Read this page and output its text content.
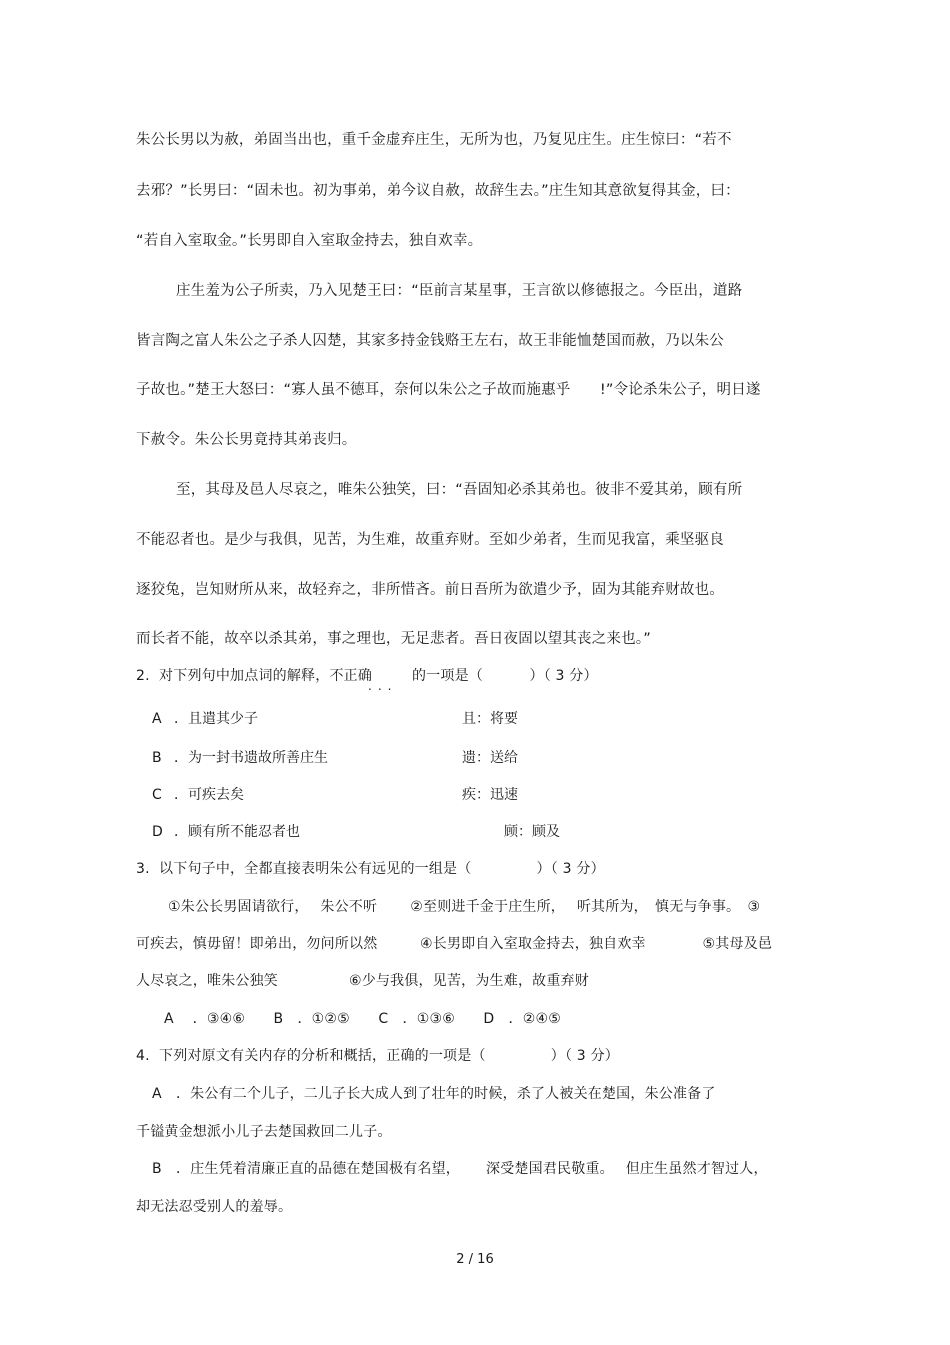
朱公长男以为赦，弟固当出也，重千金虚弃庄生，无所为也，乃复见庄生。庄生惊曰：“若不
去邪？”长男曰：“固未也。初为事弟，弟今议自赦，故辞生去。”庄生知其意欲复得其金，曰：
“若自入室取金。”长男即自入室取金持去，独自欢幸。
庄生羞为公子所卖，乃入见楚王曰：“臣前言某星事，王言欲以修德报之。今臣出，道路
皆言陶之富人朱公之子杀人囚楚，其家多持金钱赂王左右，故王非能恤楚国而赦，乃以朱公
子故也。”楚王大怒曰：“寡人虽不德耳，奈何以朱公之子故而施惠乎　　!”令论杀朱公子，明日遂
下赦令。朱公长男竟持其弟丧归。
至，其母及邑人尽哀之，唯朱公独笑，曰：“吾固知必杀其弟也。彼非不爱其弟，顾有所
不能忍者也。是少与我俱，见苦，为生难，故重弃财。至如少弟者，生而见我富，乘坚驱良
逐狡兔，岂知财所从来，故轻弃之，非所惜吝。前日吾所为欲遣少予，固为其能弃财故也。
而长者不能，故卒以杀其弟，事之理也，无足悲者。吾日夜固以望其丧之来也。”
2.  对下列句中加点词的解释，不正确
...
的一项是（          ）（ 3 分）
A ．且遣其少子	且：将要
B ．为一封书遗故所善庄生	遗：送给
C ．可疾去矣	疾：迅速
D ．顾有所不能忍者也	顾：顾及
3.  以下句子中，全都直接表明朱公有远见的一组是（              ）（ 3 分）
①朱公长男固请欲行，　 朱公不听　　 ②至则进千金于庄生所，　 听其所为，　慎无与争事。　③
可疾去，慎毋留！即弟出，勿问所以然　　　④长男即自入室取金持去，独自欢幸　　　　⑤其母及邑
人尽哀之，唯朱公独笑　　　　　⑥少与我俱，见苦，为生难，故重弃财
A　 ．③④⑥　　B　．①②⑤　　C　．①③⑥　　D　．②④⑤
4.  下列对原文有关内存的分析和概括，正确的一项是（              ）（ 3 分）
A　．朱公有二个儿子，二儿子长大成人到了壮年的时候，杀了人被关在楚国，朱公准备了
千镒黄金想派小儿子去楚国救回二儿子。
B　．庄生凭着清廉正直的品德在楚国极有名望，　　 深受楚国君民敬重。　 但庄生虽然才智过人，
却无法忍受别人的羞辱。
2 / 16
